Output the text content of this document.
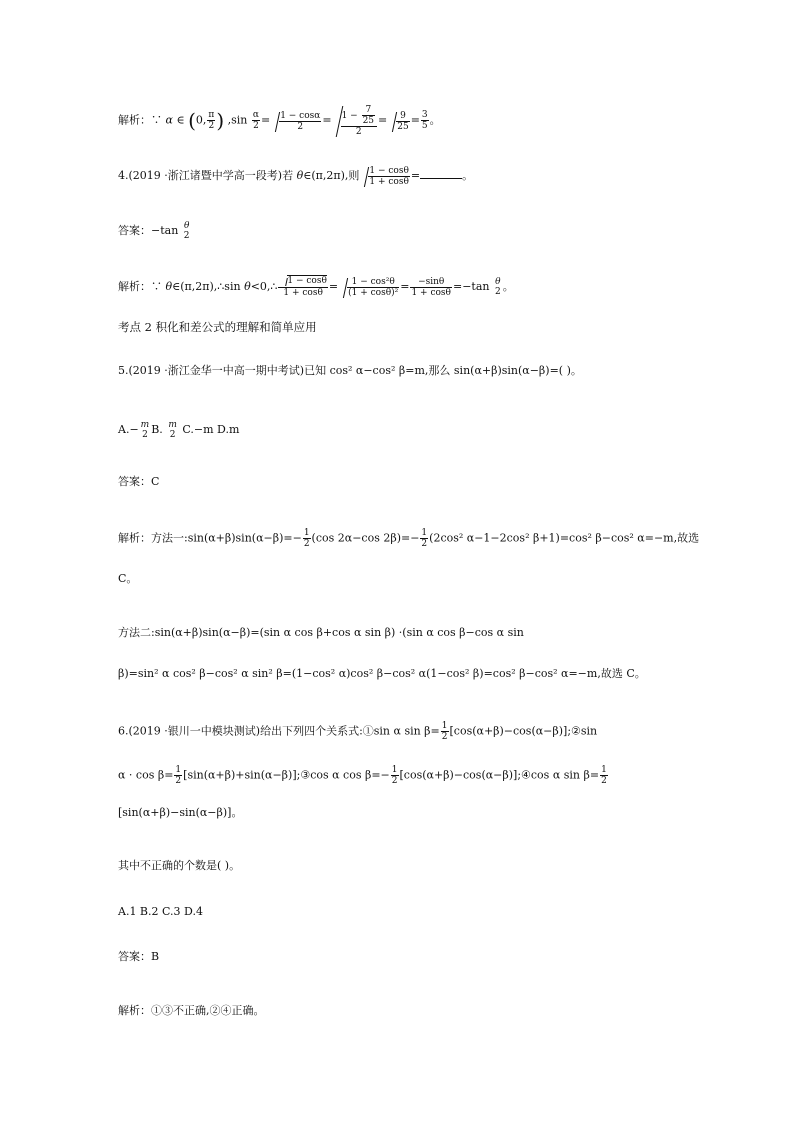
解析：∵ α ∈ (0, $\frac{\pi}{2}$ ) $,\sin \frac{\alpha}{2} = \frac{1 - \cos\alpha}{2} = \frac{1 - \frac{7}{25}}{2} = \frac{9}{25} = \frac{3}{5}$ 。
4.(2019 ·浙江诸暨中学高一段考)若 θ∈(π,2π),则 $\frac{1 - \cos\theta}{1 + \cos\theta}$ =	。
答案：−tan θ
2
解析：∵ θ∈(π,2π),∴sin θ<0,∴ $\frac{1 - \cos\theta}{1 + \cos\theta} = \frac{\text{1 − cos²θ}}{\text{(1 + cosθ)²}} = \frac{-\sin\theta}{1 + \cos\theta} =-\tan$ θ
2 。
考点 2 积化和差公式的理解和简单应用
5.(2019 ·浙江金华一中高一期中考试)已知 cos² α−cos² β=m,那么 sin(α+β)sin(α−β)=( )。
A.− m
2 B. m
2 C.−m D.m
答案：C
解析：方法一:sin(α+β)sin(α−β)=− $\frac{1}{2} (\cos$ 2α−cos $2\beta)=- \frac{1}{2} (2\cos^2$ α−1−2cos² β+1)=cos² β−cos² α=−m,故选
C。
方法二:sin(α+β)sin(α−β)=(sin α cos β+cos α sin β) ·(sin α cos β−cos α sin
β)=sin² α cos² β−cos² α sin² β=(1−cos² α)cos² β−cos² α(1−cos² β)=cos² β−cos² α=−m,故选 C。
6.(2019 ·银川一中模块测试)给出下列四个关系式:①sin α $\sin \beta= \frac{1}{2}$ [cos(α+β)−cos(α−β)];②sin
$\alpha \cdot \cos \beta= \frac{1}{2}$ [sin(α+β)+sin(α−β)];③cos α $\cos \beta=- \frac{1}{2}$ [cos(α+β)−cos(α−β)];④cos α $\sin \beta= \frac{1}{2}$
[sin(α+β)−sin(α−β)]。
其中不正确的个数是( )。
A.1 B.2 C.3 D.4
答案：B
解析：①③不正确,②④正确。
